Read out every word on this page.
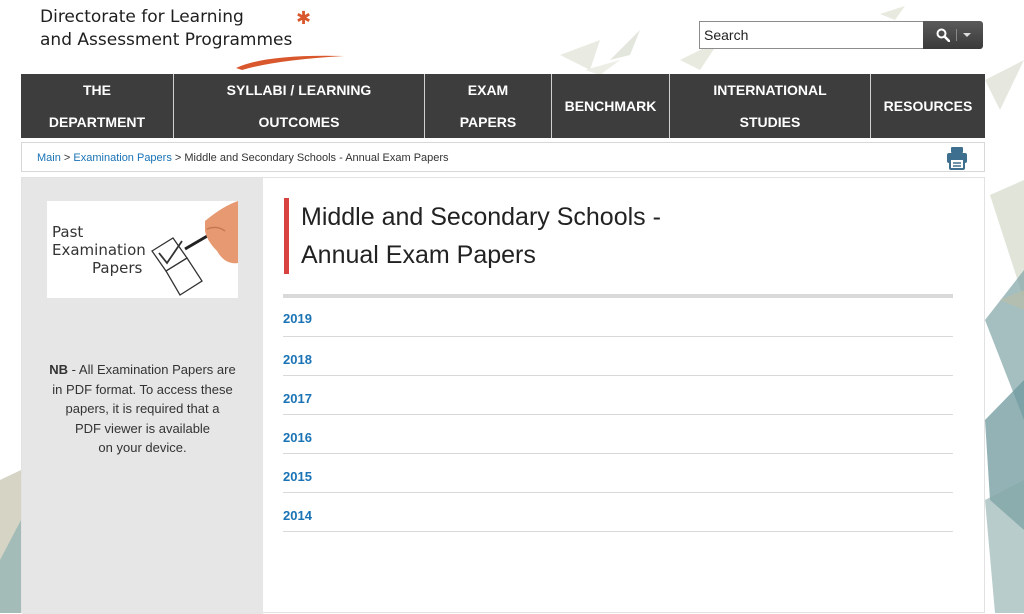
Directorate for Learning
and Assessment Programmes
✱
Search
THE
DEPARTMENT
SYLLABI / LEARNING
OUTCOMES
EXAM
PAPERS
BENCHMARK
INTERNATIONAL
STUDIES
RESOURCES
Main > Examination Papers > Middle and Secondary Schools - Annual Exam Papers
Past
Examination
Papers
NB - All Examination Papers are
in PDF format. To access these
papers, it is required that a
PDF viewer is available
on your device.
Middle and Secondary Schools -
Annual Exam Papers
2019
2018
2017
2016
2015
2014
